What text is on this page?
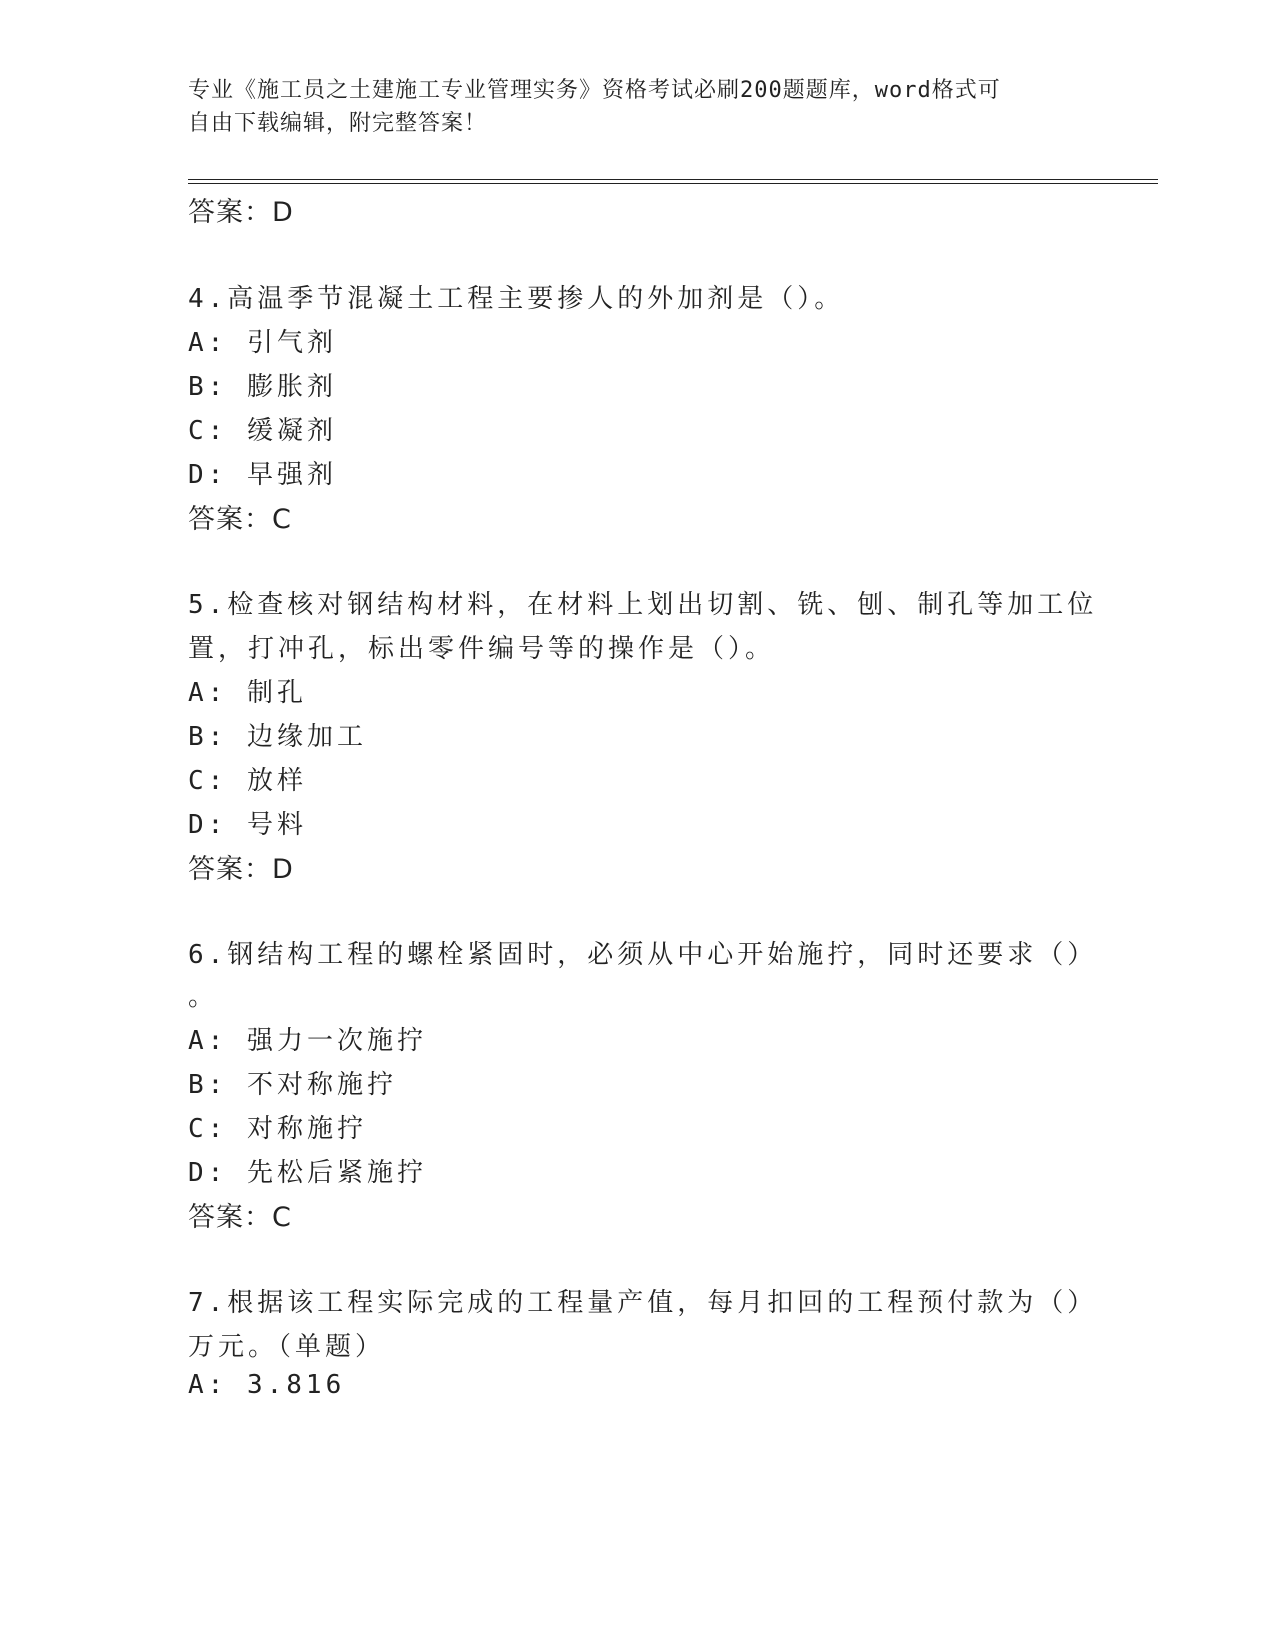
专业《施工员之土建施工专业管理实务》资格考试必刷200题题库，word格式可
自由下载编辑，附完整答案！
答案：D
4.高温季节混凝土工程主要掺人的外加剂是（）。
A: 引气剂
B: 膨胀剂
C: 缓凝剂
D: 早强剂
答案：C
5.检查核对钢结构材料，在材料上划出切割、铣、刨、制孔等加工位
置，打冲孔，标出零件编号等的操作是（）。
A: 制孔
B: 边缘加工
C: 放样
D: 号料
答案：D
6.钢结构工程的螺栓紧固时，必须从中心开始施拧，同时还要求（）
。
A: 强力一次施拧
B: 不对称施拧
C: 对称施拧
D: 先松后紧施拧
答案：C
7.根据该工程实际完成的工程量产值，每月扣回的工程预付款为（）
万元。（单题）
A: 3.816
